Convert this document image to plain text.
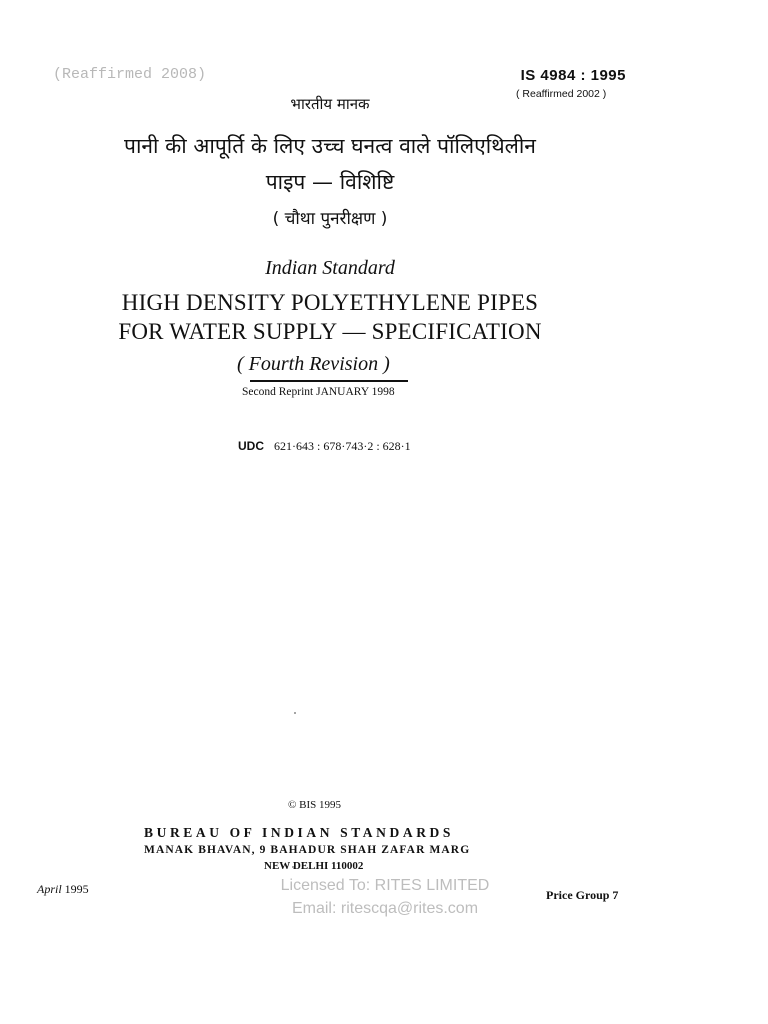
(Reaffirmed 2008)	IS 4984 : 1995
( Reaffirmed 2002 )
भारतीय मानक
पानी की आपूर्ति के लिए उच्च घनत्व वाले पॉलिएथिलीन
पाइप — विशिष्टि
( चौथा पुनरीक्षण )
Indian Standard
HIGH DENSITY POLYETHYLENE PIPES
FOR WATER SUPPLY — SPECIFICATION
( Fourth Revision )
Second Reprint JANUARY 1998
UDC 621·643 : 678·743·2 : 628·1
© BIS 1995
BUREAU OF INDIAN STANDARDS
MANAK BHAVAN, 9 BAHADUR SHAH ZAFAR MARG
NEW DELHI 110002
April 1995	Price Group 7
Licensed To: RITES LIMITED
Email: ritescqa@rites.com
